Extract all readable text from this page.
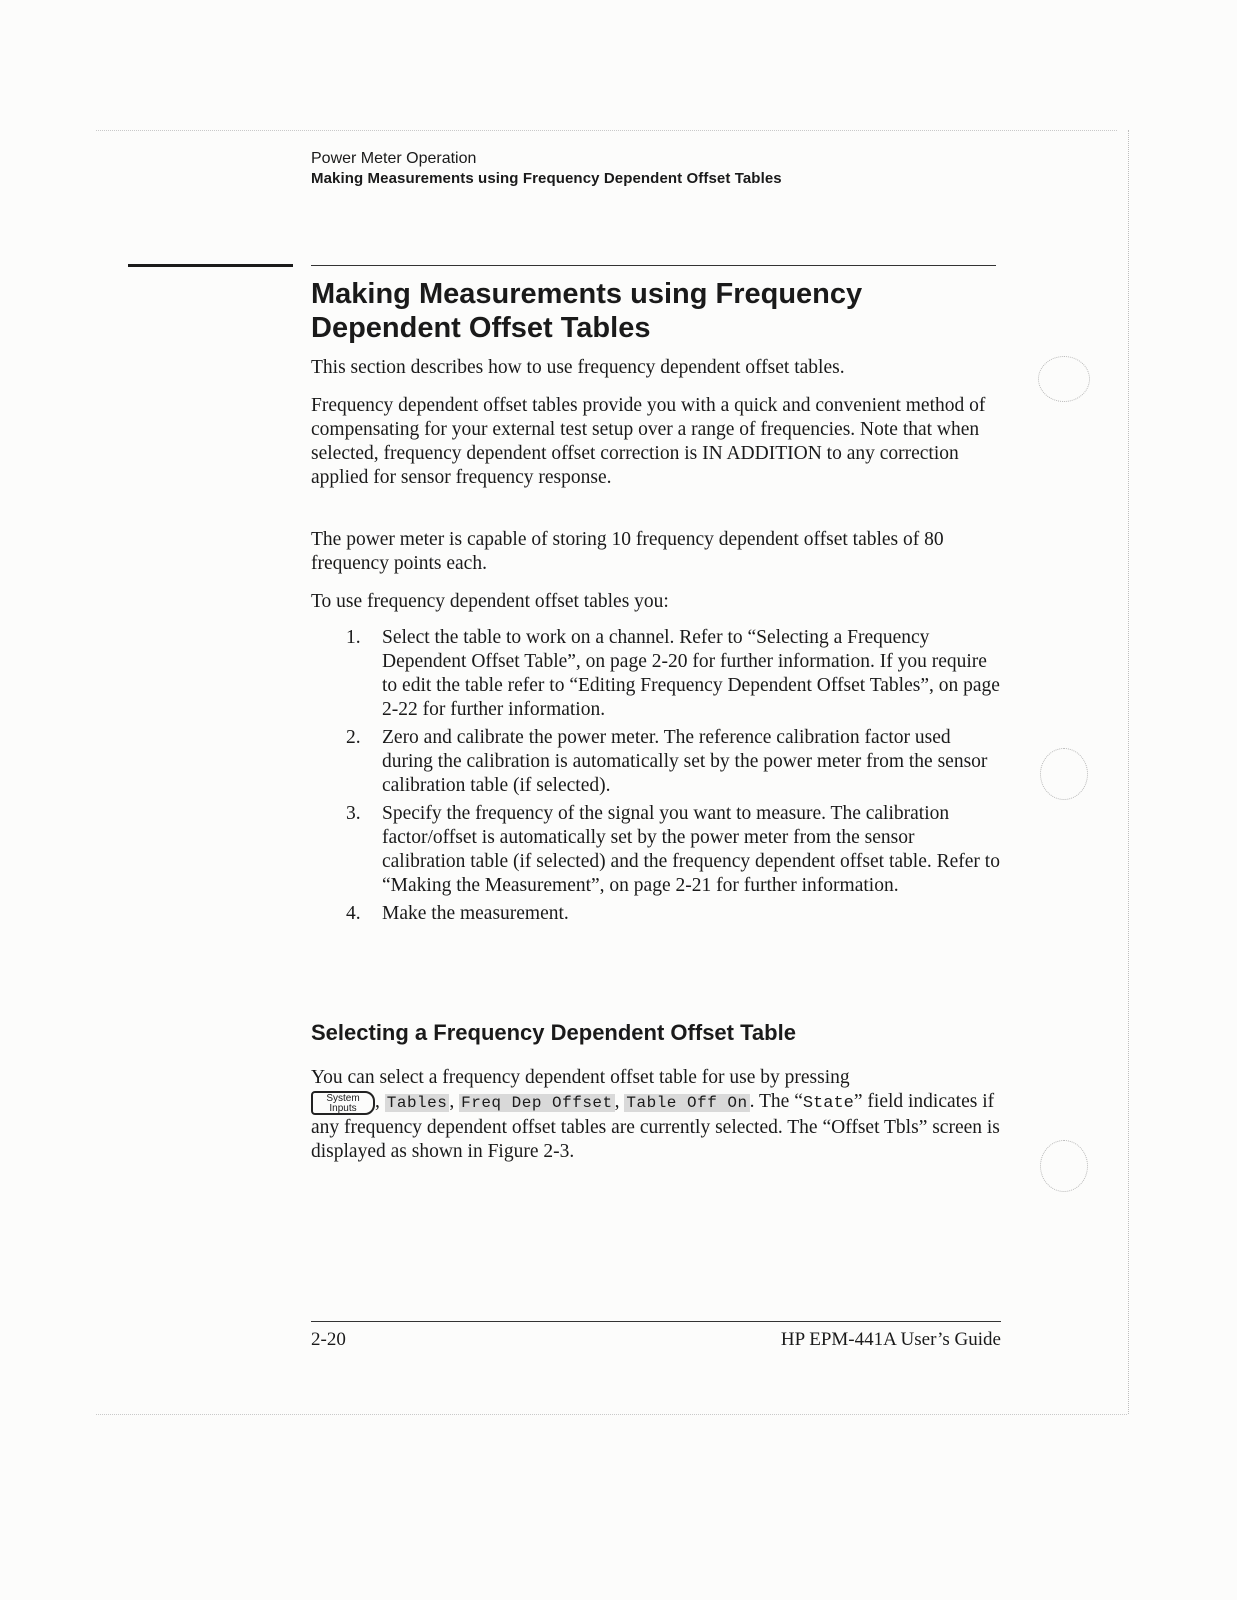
Power Meter Operation
Making Measurements using Frequency Dependent Offset Tables
Making Measurements using Frequency Dependent Offset Tables

This section describes how to use frequency dependent offset tables.

Frequency dependent offset tables provide you with a quick and convenient method of compensating for your external test setup over a range of frequencies. Note that when selected, frequency dependent offset correction is IN ADDITION to any correction applied for sensor frequency response.

The power meter is capable of storing 10 frequency dependent offset tables of 80 frequency points each.

To use frequency dependent offset tables you:

1. Select the table to work on a channel. Refer to “Selecting a Frequency Dependent Offset Table”, on page 2-20 for further information. If you require to edit the table refer to “Editing Frequency Dependent Offset Tables”, on page 2-22 for further information.
2. Zero and calibrate the power meter. The reference calibration factor used during the calibration is automatically set by the power meter from the sensor calibration table (if selected).
3. Specify the frequency of the signal you want to measure. The calibration factor/offset is automatically set by the power meter from the sensor calibration table (if selected) and the frequency dependent offset table. Refer to “Making the Measurement”, on page 2-21 for further information.
4. Make the measurement.
Selecting a Frequency Dependent Offset Table

You can select a frequency dependent offset table for use by pressing

System
Inputs , Tables , Freq Dep Offset , Table Off On . The “State” field indicates if any frequency dependent offset tables are currently selected. The “Offset Tbls” screen is displayed as shown in Figure 2-3.

2-20	HP EPM-441A User’s Guide
